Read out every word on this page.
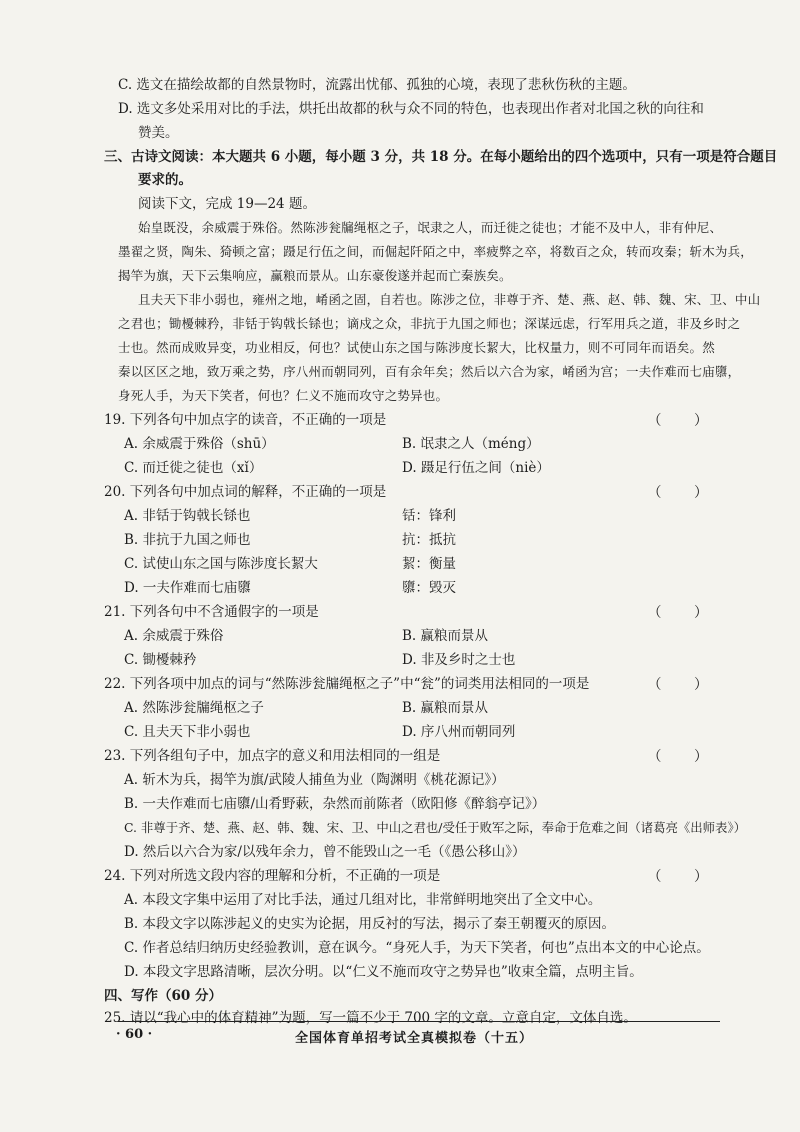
C. 选文在描绘故都的自然景物时，流露出忧郁、孤独的心境，表现了悲秋伤秋的主题。
D. 选文多处采用对比的手法，烘托出故都的秋与众不同的特色，也表现出作者对北国之秋的向往和
赞美。
三、古诗文阅读：本大题共 6 小题，每小题 3 分，共 18 分。在每小题给出的四个选项中，只有一项是符合题目
要求的。
阅读下文，完成 19—24 题。
始皇既没，余威震于殊俗。然陈涉瓮牖绳枢之子，氓隶之人，而迁徙之徒也；才能不及中人，非有仲尼、
墨翟之贤，陶朱、猗顿之富；蹑足行伍之间，而倔起阡陌之中，率疲弊之卒，将数百之众，转而攻秦；斩木为兵，
揭竿为旗，天下云集响应，赢粮而景从。山东豪俊遂并起而亡秦族矣。
且夫天下非小弱也，雍州之地，崤函之固，自若也。陈涉之位，非尊于齐、楚、燕、赵、韩、魏、宋、卫、中山
之君也；锄櫌棘矜，非铦于钩戟长铩也；谪戍之众，非抗于九国之师也；深谋远虑，行军用兵之道，非及乡时之
士也。然而成败异变，功业相反，何也？试使山东之国与陈涉度长絜大，比权量力，则不可同年而语矣。然
秦以区区之地，致万乘之势，序八州而朝同列，百有余年矣；然后以六合为家，崤函为宫；一夫作难而七庙隳，
身死人手，为天下笑者，何也？仁义不施而攻守之势异也。
19. 下列各句中加点字的读音，不正确的一项是	（ ）
A. 余威震于殊俗（shū）	B. 氓隶之人（méng）
C. 而迁徙之徒也（xǐ）	D. 蹑足行伍之间（niè）
20. 下列各句中加点词的解释，不正确的一项是	（ ）
A. 非铦于钩戟长铩也	铦：锋利
B. 非抗于九国之师也	抗：抵抗
C. 试使山东之国与陈涉度长絜大	絜：衡量
D. 一夫作难而七庙隳	隳：毁灭
21. 下列各句中不含通假字的一项是	（ ）
A. 余威震于殊俗	B. 赢粮而景从
C. 锄櫌棘矜	D. 非及乡时之士也
22. 下列各项中加点的词与“然陈涉瓮牖绳枢之子”中“瓮”的词类用法相同的一项是	（ ）
A. 然陈涉瓮牖绳枢之子	B. 赢粮而景从
C. 且夫天下非小弱也	D. 序八州而朝同列
23. 下列各组句子中，加点字的意义和用法相同的一组是	（ ）
A. 斩木为兵，揭竿为旗/武陵人捕鱼为业（陶渊明《桃花源记》）
B. 一夫作难而七庙隳/山肴野蔌，杂然而前陈者（欧阳修《醉翁亭记》）
C. 非尊于齐、楚、燕、赵、韩、魏、宋、卫、中山之君也/受任于败军之际，奉命于危难之间（诸葛亮《出师表》）
D. 然后以六合为家/以残年余力，曾不能毁山之一毛（《愚公移山》）
24. 下列对所选文段内容的理解和分析，不正确的一项是	（ ）
A. 本段文字集中运用了对比手法，通过几组对比，非常鲜明地突出了全文中心。
B. 本段文字以陈涉起义的史实为论据，用反衬的写法，揭示了秦王朝覆灭的原因。
C. 作者总结归纳历史经验教训，意在讽今。“身死人手，为天下笑者，何也”点出本文的中心论点。
D. 本段文字思路清晰，层次分明。以“仁义不施而攻守之势异也”收束全篇，点明主旨。
四、写作（60 分）
25. 请以“我心中的体育精神”为题，写一篇不少于 700 字的文章。立意自定，文体自选。
· 60 ·	全国体育单招考试全真模拟卷（十五）
